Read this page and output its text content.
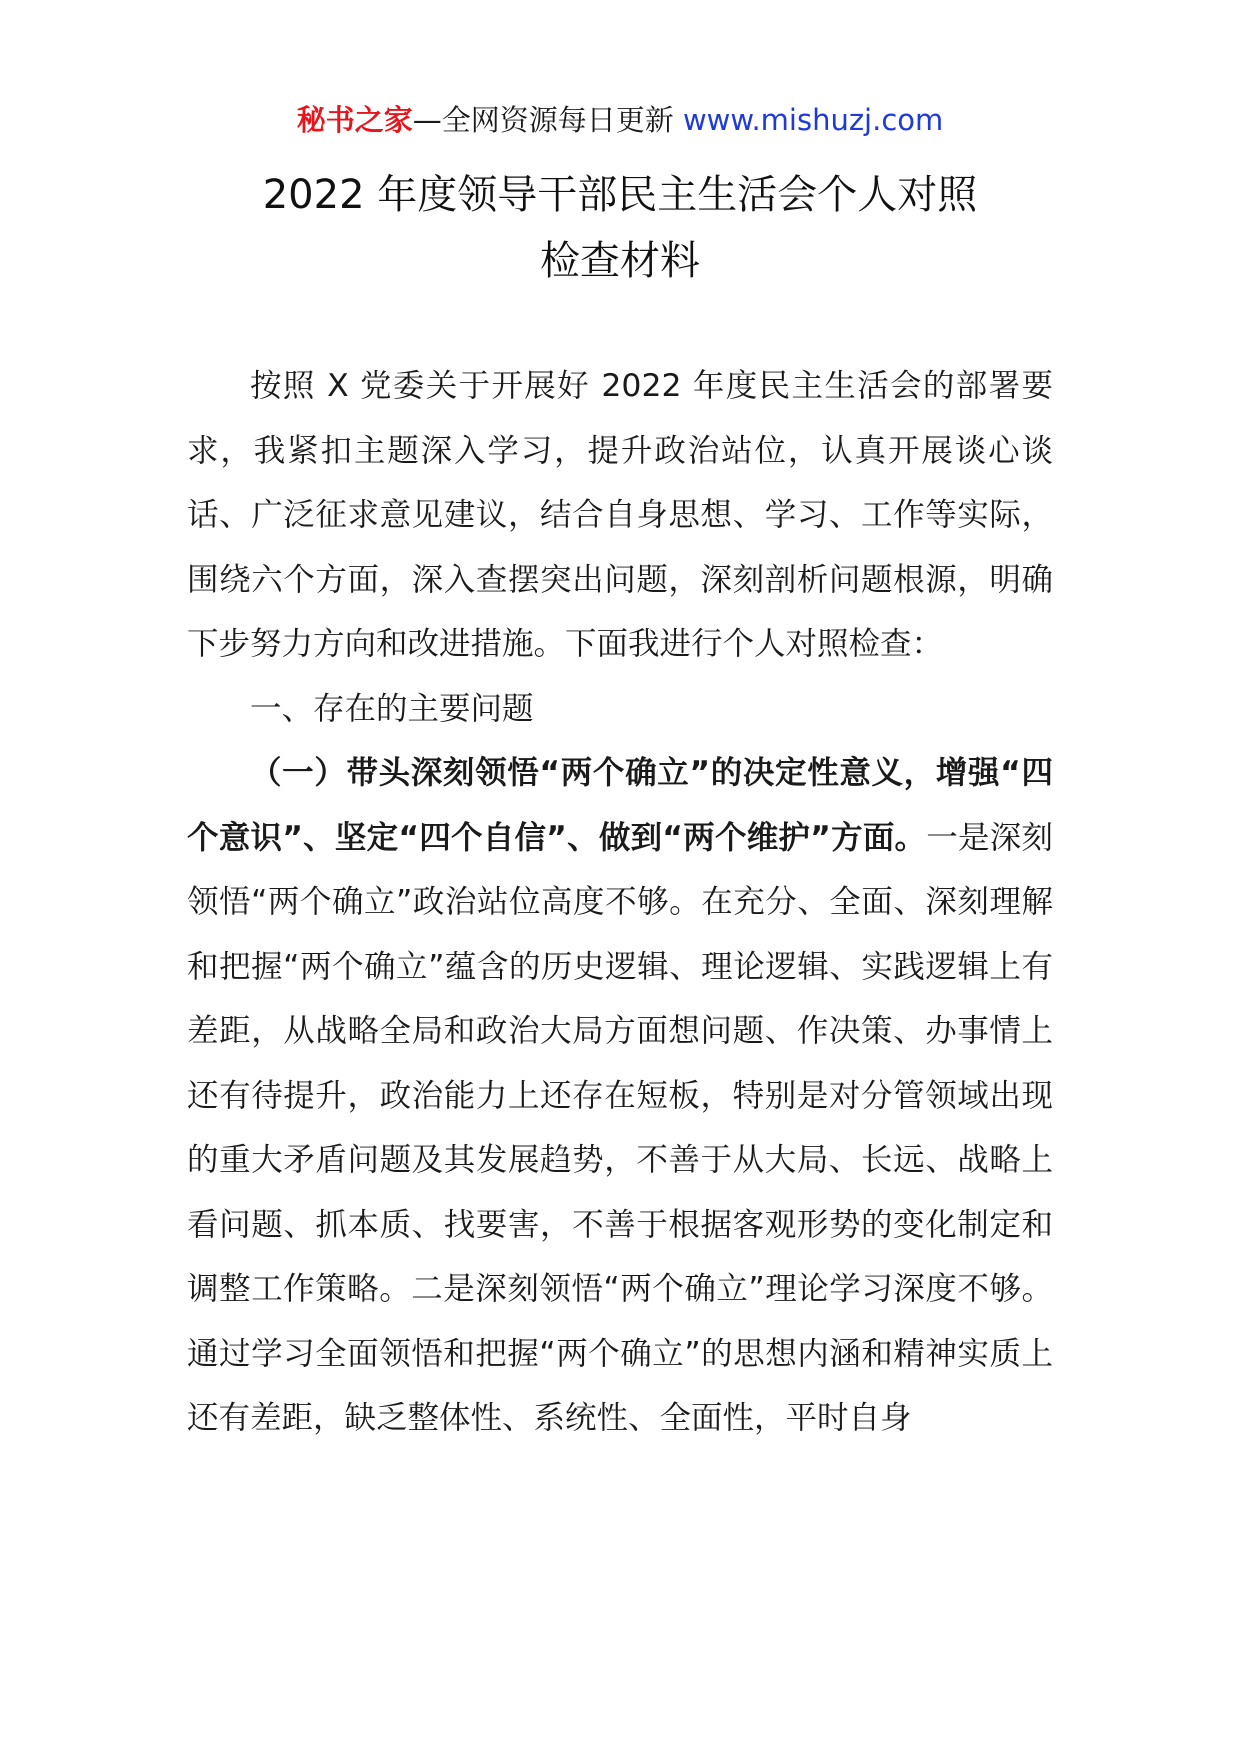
秘书之家—全网资源每日更新 www.mishuzj.com
2022 年度领导干部民主生活会个人对照
检查材料

按照 X 党委关于开展好 2022 年度民主生活会的部署要求，我紧扣主题深入学习，提升政治站位，认真开展谈心谈话、广泛征求意见建议，结合自身思想、学习、工作等实际，围绕六个方面，深入查摆突出问题，深刻剖析问题根源，明确下步努力方向和改进措施。下面我进行个人对照检查：

一、存在的主要问题

（一）带头深刻领悟“两个确立”的决定性意义，增强“四个意识”、坚定“四个自信”、做到“两个维护”方面。一是深刻领悟“两个确立”政治站位高度不够。在充分、全面、深刻理解和把握“两个确立”蕴含的历史逻辑、理论逻辑、实践逻辑上有差距，从战略全局和政治大局方面想问题、作决策、办事情上还有待提升，政治能力上还存在短板，特别是对分管领域出现的重大矛盾问题及其发展趋势，不善于从大局、长远、战略上看问题、抓本质、找要害，不善于根据客观形势的变化制定和调整工作策略。二是深刻领悟“两个确立”理论学习深度不够。通过学习全面领悟和把握“两个确立”的思想内涵和精神实质上还有差距，缺乏整体性、系统性、全面性，平时自身
